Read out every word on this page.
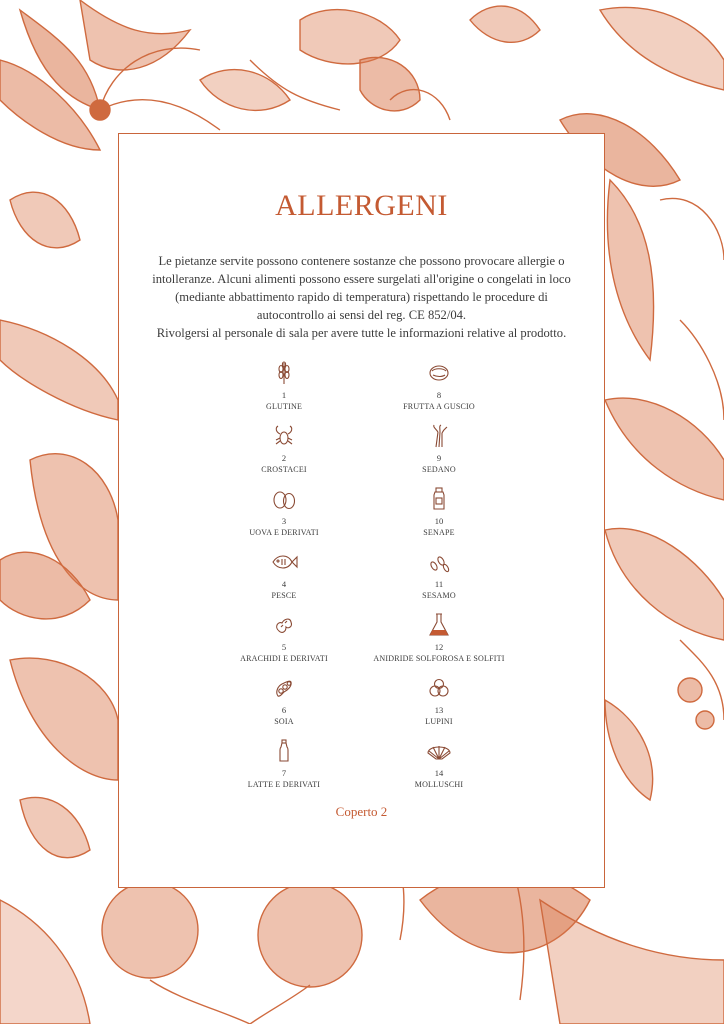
ALLERGENI

Le pietanze servite possono contenere sostanze che possono provocare allergie o
intolleranze. Alcuni alimenti possono essere surgelati all'origine o congelati in loco
(mediante abbattimento rapido di temperatura) rispettando le procedure di
autocontrollo ai sensi del reg. CE 852/04.
Rivolgersi al personale di sala per avere tutte le informazioni relative al prodotto.

1
GLUTINE
2
CROSTACEI
3
UOVA E DERIVATI
4
PESCE
5
ARACHIDI E DERIVATI
6
SOIA
7
LATTE E DERIVATI
8
FRUTTA A GUSCIO
9
SEDANO
10
SENAPE
11
SESAMO
12
ANIDRIDE SOLFOROSA E SOLFITI
13
LUPINI
14
MOLLUSCHI
Coperto 2
